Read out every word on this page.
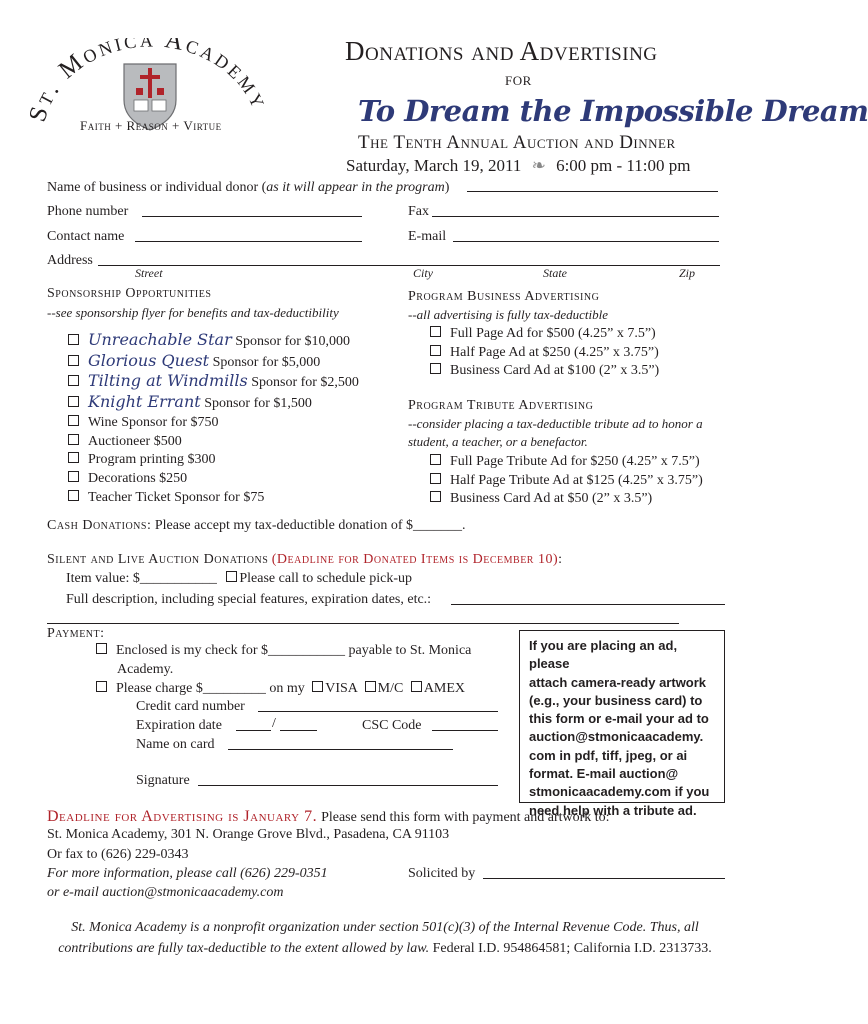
t. Monica Academ
Faith + Reason + Virtue
Donations and Advertising
for
To Dream the Impossible Dream
The Tenth Annual Auction and Dinner
Saturday, March 19, 2011 ❧ 6:00 pm - 11:00 pm
Name of business or individual donor (as it will appear in the program)
Phone number	Fax
Contact name	E-mail
Address
Street	City	State	Zip
Sponsorship Opportunities
--see sponsorship flyer for benefits and tax-deductibility
Unreachable Star Sponsor for $10,000
Glorious Quest Sponsor for $5,000
Tilting at Windmills Sponsor for $2,500
Knight Errant Sponsor for $1,500
Wine Sponsor for $750
Auctioneer $500
Program printing $300
Decorations $250
Teacher Ticket Sponsor for $75
Program Business Advertising
--all advertising is fully tax-deductible
Full Page Ad for $500 (4.25” x 7.5”)
Half Page Ad at $250 (4.25” x 3.75”)
Business Card Ad at $100 (2” x 3.5”)
Program Tribute Advertising
--consider placing a tax-deductible tribute ad to honor a
student, a teacher, or a benefactor.
Full Page Tribute Ad for $250 (4.25” x 7.5”)
Half Page Tribute Ad at $125 (4.25” x 3.75”)
Business Card Ad at $50 (2” x 3.5”)
Cash Donations: Please accept my tax-deductible donation of $_______.
Silent and Live Auction Donations (Deadline for Donated Items is December 10):
Item value: $___________ Please call to schedule pick-up
Full description, including special features, expiration dates, etc.:
Payment:
Enclosed is my check for $___________ payable to St. Monica
Academy.
Please charge $_________ on my VISA M/C AMEX
Credit card number
Expiration date	/	CSC Code
Name on card
Signature
If you are placing an ad, please
attach camera-ready artwork
(e.g., your business card) to
this form or e-mail your ad to
auction@stmonicaacademy.
com in pdf, tiff, jpeg, or ai
format. E-mail auction@
stmonicaacademy.com if you
need help with a tribute ad.
Deadline for Advertising is January 7. Please send this form with payment and artwork to:
St. Monica Academy, 301 N. Orange Grove Blvd., Pasadena, CA 91103
Or fax to (626) 229-0343
For more information, please call (626) 229-0351
or e-mail auction@stmonicaacademy.com
Solicited by
St. Monica Academy is a nonprofit organization under section 501(c)(3) of the Internal Revenue Code. Thus, all
contributions are fully tax-deductible to the extent allowed by law. Federal I.D. 954864581; California I.D. 2313733.
